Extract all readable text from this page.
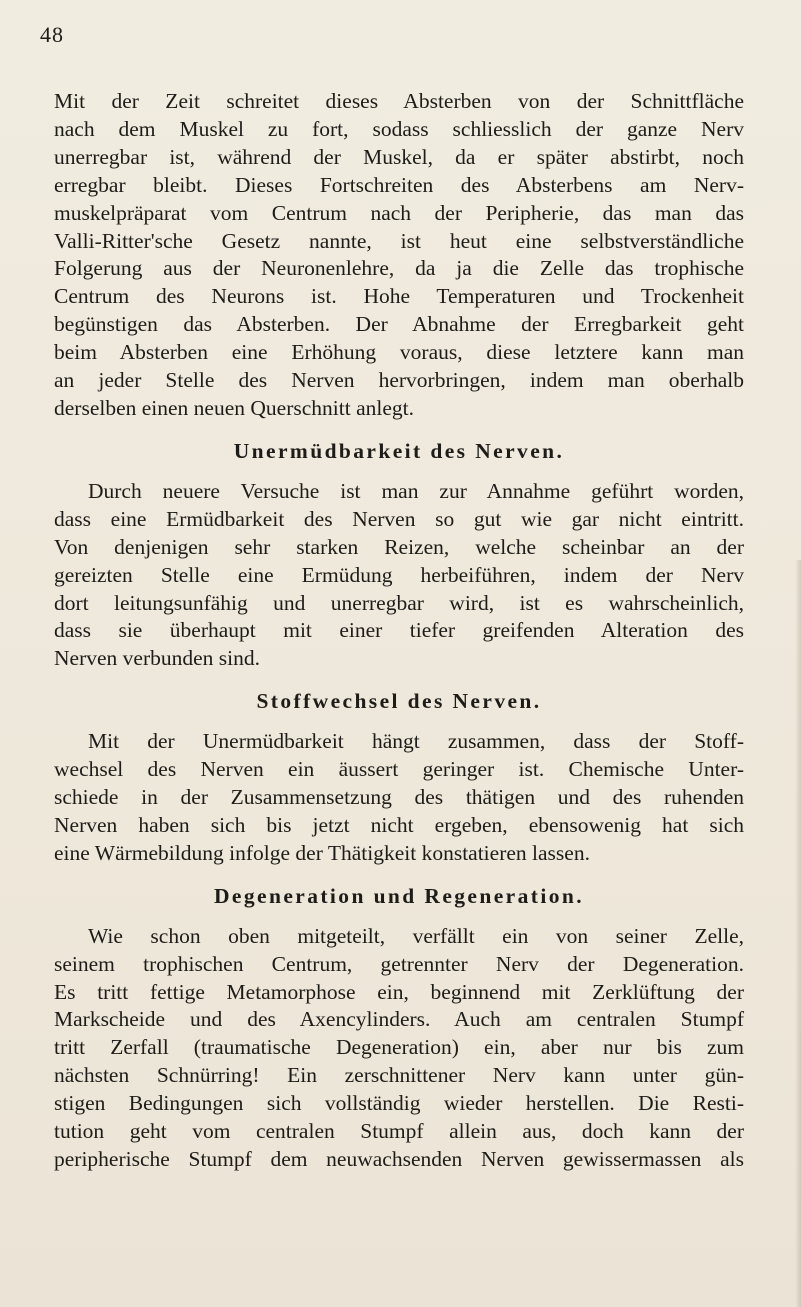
48

Mit der Zeit schreitet dieses Absterben von der Schnittfläche
nach dem Muskel zu fort, sodass schliesslich der ganze Nerv
unerregbar ist, während der Muskel, da er später abstirbt, noch
erregbar bleibt. Dieses Fortschreiten des Absterbens am Nerv-
muskelpräparat vom Centrum nach der Peripherie, das man das
Valli-Ritter'sche Gesetz nannte, ist heut eine selbstverständliche
Folgerung aus der Neuronenlehre, da ja die Zelle das trophische
Centrum des Neurons ist. Hohe Temperaturen und Trockenheit
begünstigen das Absterben. Der Abnahme der Erregbarkeit geht
beim Absterben eine Erhöhung voraus, diese letztere kann man
an jeder Stelle des Nerven hervorbringen, indem man oberhalb

derselben einen neuen Querschnitt anlegt.

Unermüdbarkeit des Nerven.

Durch neuere Versuche ist man zur Annahme geführt worden,
dass eine Ermüdbarkeit des Nerven so gut wie gar nicht eintritt.
Von denjenigen sehr starken Reizen, welche scheinbar an der
gereizten Stelle eine Ermüdung herbeiführen, indem der Nerv
dort leitungsunfähig und unerregbar wird, ist es wahrscheinlich,
dass sie überhaupt mit einer tiefer greifenden Alteration des

Nerven verbunden sind.

Stoffwechsel des Nerven.

Mit der Unermüdbarkeit hängt zusammen, dass der Stoff-
wechsel des Nerven ein äussert geringer ist. Chemische Unter-
schiede in der Zusammensetzung des thätigen und des ruhenden
Nerven haben sich bis jetzt nicht ergeben, ebensowenig hat sich

eine Wärmebildung infolge der Thätigkeit konstatieren lassen.

Degeneration und Regeneration.

Wie schon oben mitgeteilt, verfällt ein von seiner Zelle,
seinem trophischen Centrum, getrennter Nerv der Degeneration.
Es tritt fettige Metamorphose ein, beginnend mit Zerklüftung der
Markscheide und des Axencylinders. Auch am centralen Stumpf
tritt Zerfall (traumatische Degeneration) ein, aber nur bis zum
nächsten Schnürring! Ein zerschnittener Nerv kann unter gün-
stigen Bedingungen sich vollständig wieder herstellen. Die Resti-
tution geht vom centralen Stumpf allein aus, doch kann der
peripherische Stumpf dem neuwachsenden Nerven gewissermassen als
